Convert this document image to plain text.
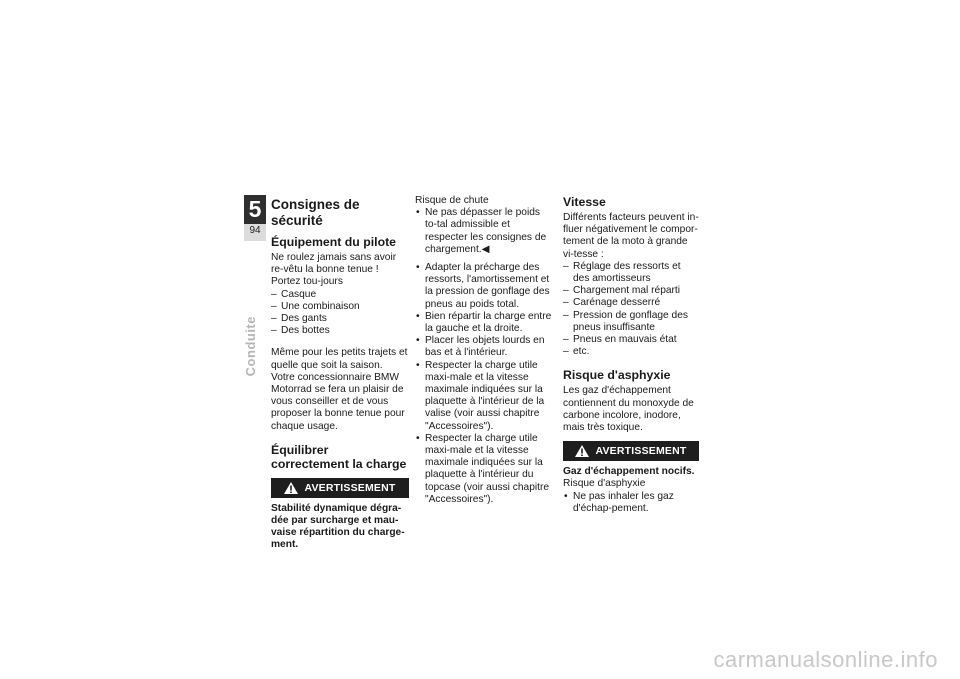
5
94
Conduite
Consignes de sécurité
Équipement du pilote

Ne roulez jamais sans avoir re-vêtu la bonne tenue ! Portez tou-jours

– Casque
– Une combinaison
– Des gants
– Des bottes

Même pour les petits trajets et quelle que soit la saison. Votre concessionnaire BMW Motorrad se fera un plaisir de vous conseiller et de vous proposer la bonne tenue pour chaque usage.

Équilibrer correctement la charge
AVERTISSEMENT

Stabilité dynamique dégra-dée par surcharge et mau-vaise répartition du charge-ment.

Risque de chute

• Ne pas dépasser le poids to-tal admissible et respecter les consignes de chargement.◀
• Adapter la précharge des ressorts, l'amortissement et la pression de gonflage des pneus au poids total.
• Bien répartir la charge entre la gauche et la droite.
• Placer les objets lourds en bas et à l'intérieur.
• Respecter la charge utile maxi-male et la vitesse maximale indiquées sur la plaquette à l'intérieur de la valise (voir aussi chapitre "Accessoires").
• Respecter la charge utile maxi-male et la vitesse maximale indiquées sur la plaquette à l'intérieur du topcase (voir aussi chapitre "Accessoires").
Vitesse

Différents facteurs peuvent in-fluer négativement le compor-tement de la moto à grande vi-tesse :

– Réglage des ressorts et des amortisseurs
– Chargement mal réparti
– Carénage desserré
– Pression de gonflage des pneus insuffisante
– Pneus en mauvais état
– etc.
Risque d'asphyxie

Les gaz d'échappement contiennent du monoxyde de carbone incolore, inodore, mais très toxique.

AVERTISSEMENT

Gaz d'échappement nocifs.

Risque d'asphyxie

• Ne pas inhaler les gaz d'échap-pement.
carmanualsonline.info
